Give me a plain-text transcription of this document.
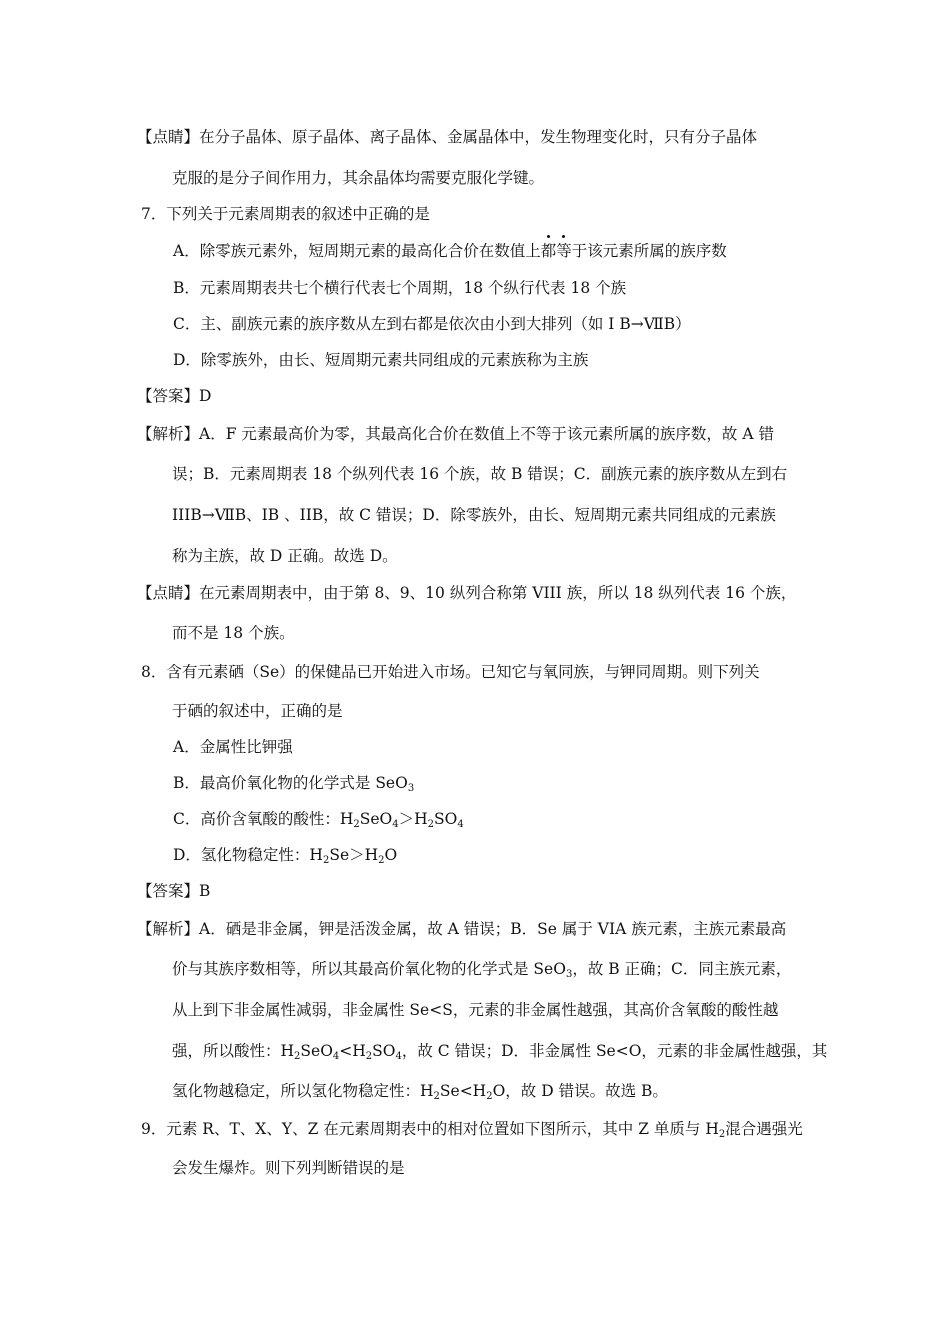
【点睛】在分子晶体、原子晶体、离子晶体、金属晶体中，发生物理变化时，只有分子晶体
克服的是分子间作用力，其余晶体均需要克服化学键。
7．下列关于元素周期表的叙述中正确的是
A．除零族元素外，短周期元素的最高化合价在数值上都等于该元素所属的族序数
B．元素周期表共七个横行代表七个周期，18 个纵行代表 18 个族
C．主、副族元素的族序数从左到右都是依次由小到大排列（如 Ⅰ B→ⅦB）
D．除零族外，由长、短周期元素共同组成的元素族称为主族
【答案】D
【解析】A．F 元素最高价为零，其最高化合价在数值上不等于该元素所属的族序数，故 A 错
误；B．元素周期表 18 个纵列代表 16 个族，故 B 错误；C．副族元素的族序数从左到右
IIIB→ⅦB、IB 、IIB，故 C 错误；D．除零族外，由长、短周期元素共同组成的元素族
称为主族，故 D 正确。故选 D。
【点睛】在元素周期表中，由于第 8、9、10 纵列合称第 VIII 族，所以 18 纵列代表 16 个族，
而不是 18 个族。
8．含有元素硒（Se）的保健品已开始进入市场。已知它与氧同族，与钾同周期。则下列关
于硒的叙述中，正确的是
A．金属性比钾强
B．最高价氧化物的化学式是 SeO$_3$
C．高价含氧酸的酸性：$H_2SeO_4>H_2SO_4$
D．氢化物稳定性：$H_2Se>H_2O$
【答案】B
【解析】A．硒是非金属，钾是活泼金属，故 A 错误；B．Se 属于 VIA 族元素，主族元素最高
价与其族序数相等，所以其最高价氧化物的化学式是 SeO$_3$，故 B 正确；C．同主族元素，
从上到下非金属性减弱，非金属性 Se<S，元素的非金属性越强，其高价含氧酸的酸性越
强，所以酸性：$H_2SeO_4<H_2SO_4$，故 C 错误；D．非金属性 Se<O，元素的非金属性越强，其
氢化物越稳定，所以氢化物稳定性：$H_2Se<H_2O$，故 D 错误。故选 B。
9．元素 R、T、X、Y、Z 在元素周期表中的相对位置如下图所示，其中 Z 单质与 $H_2$混合遇强光
会发生爆炸。则下列判断错误的是
